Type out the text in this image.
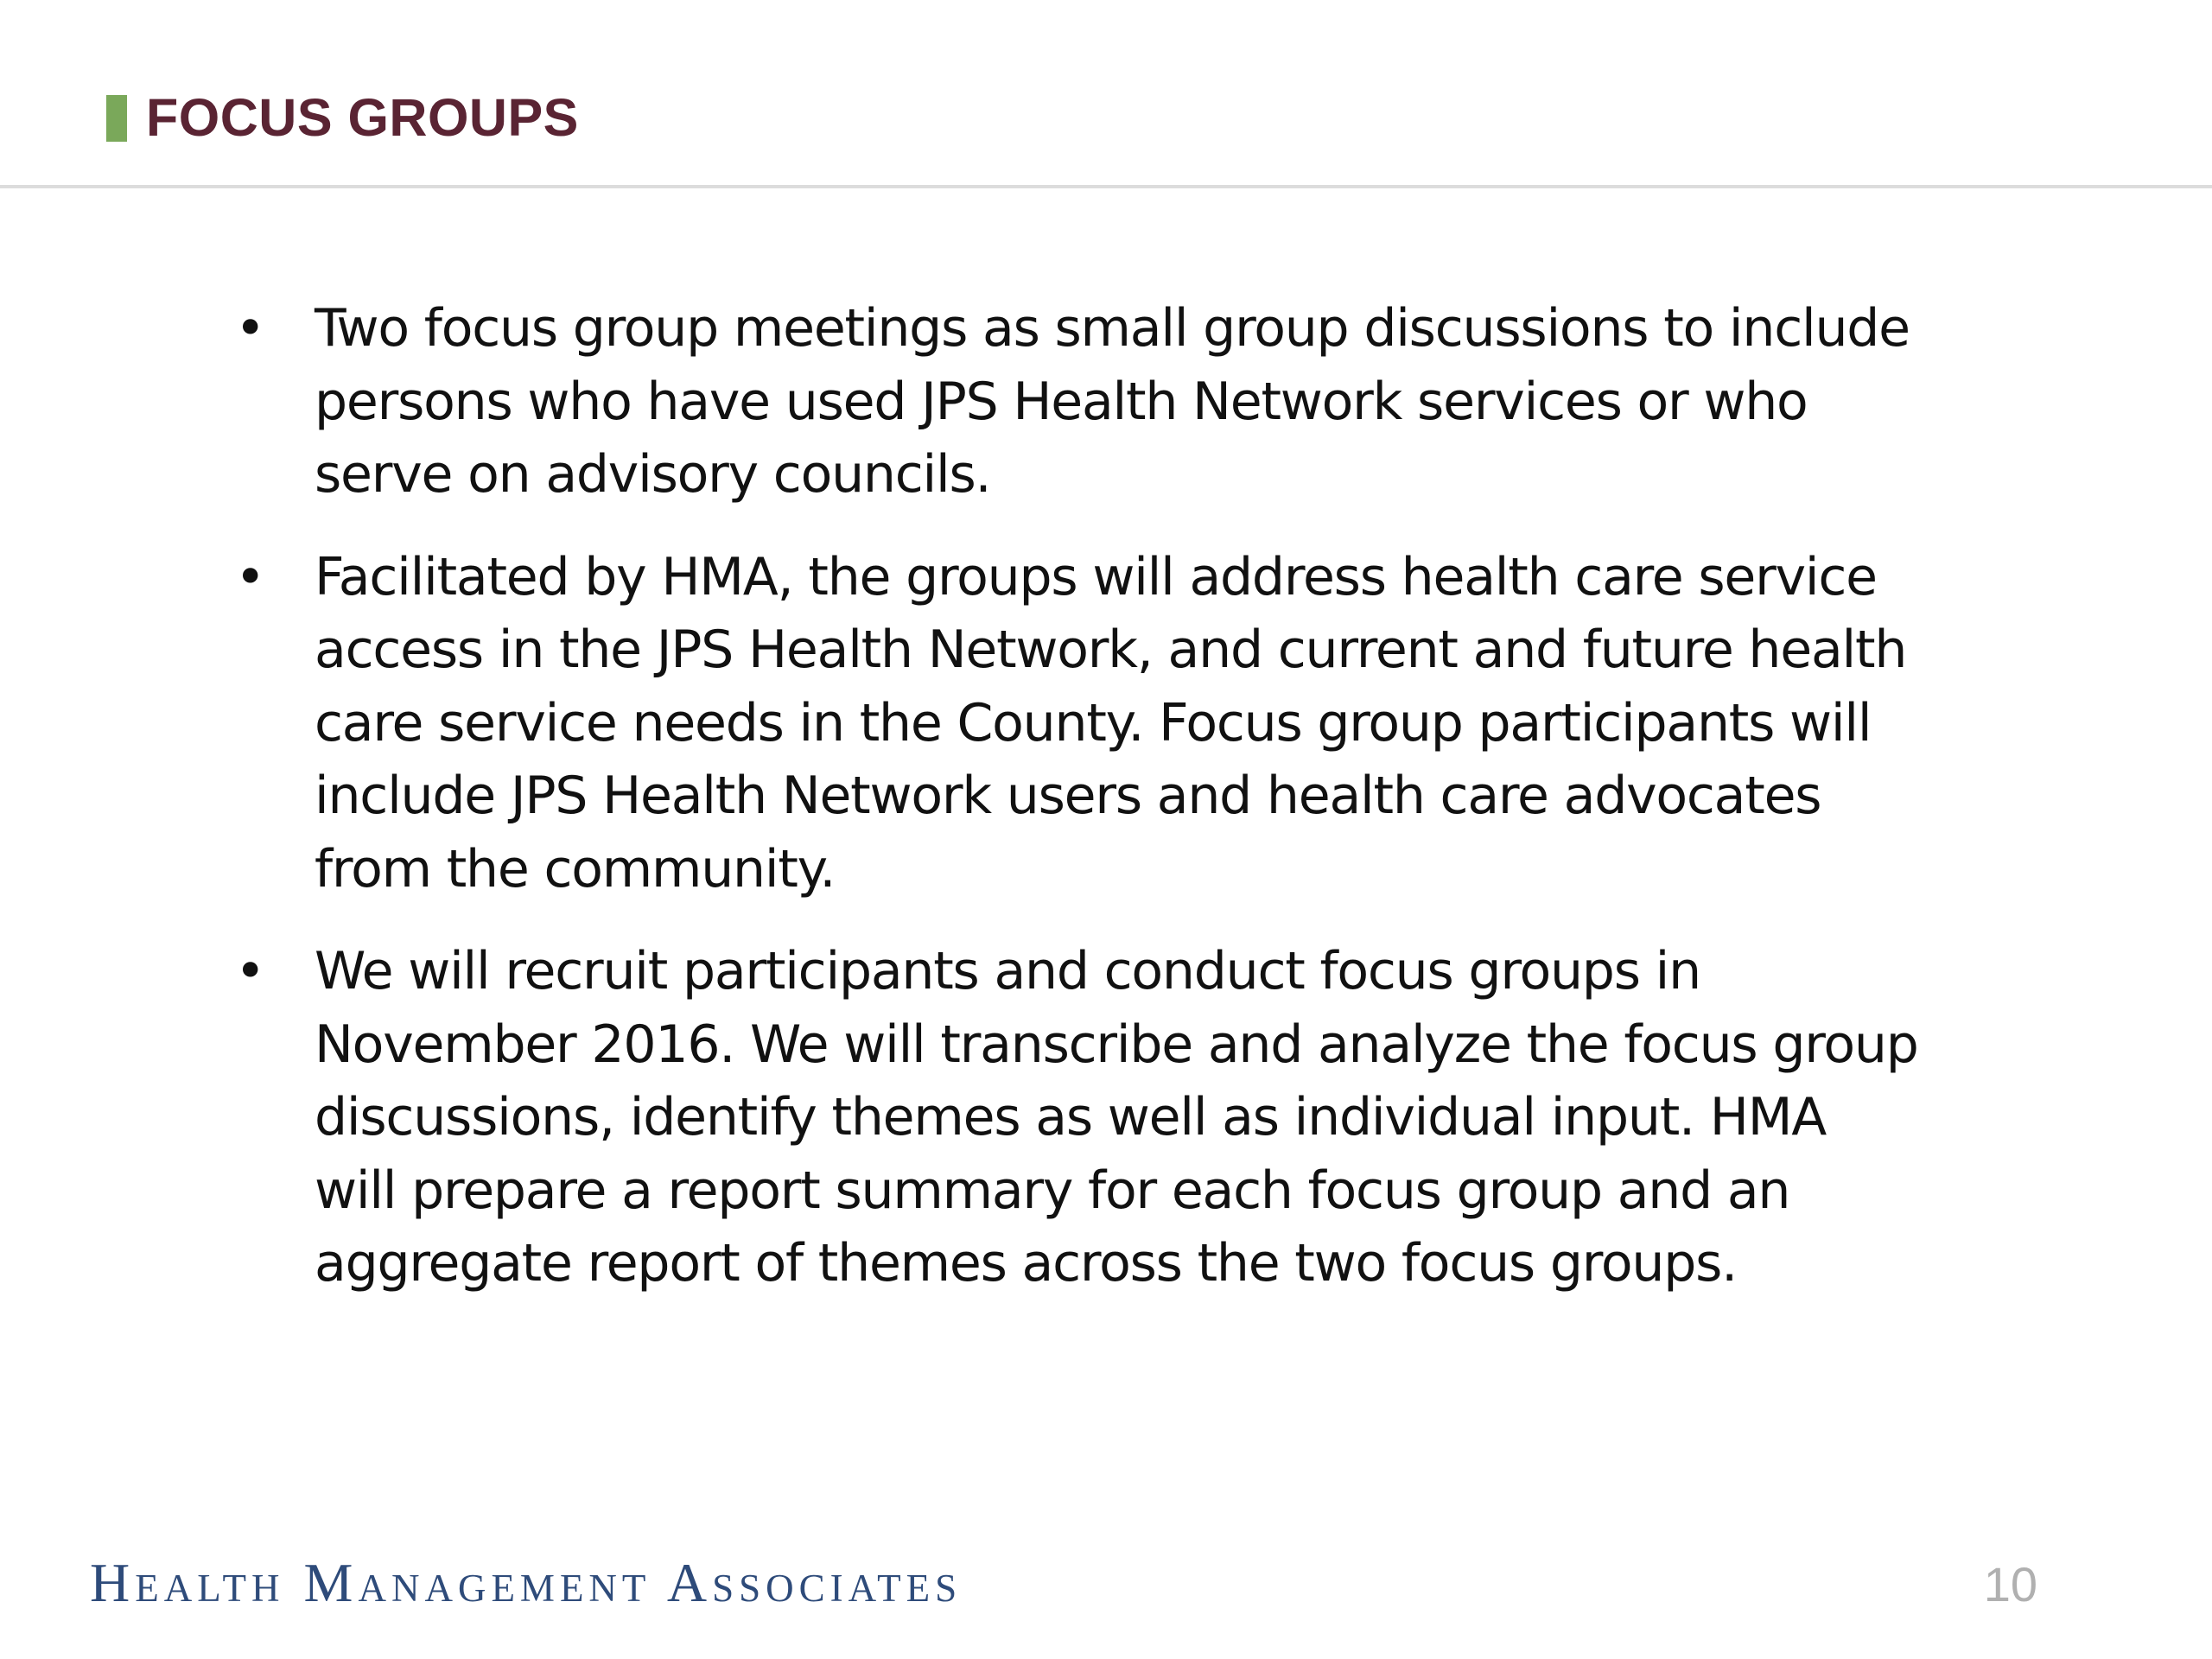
FOCUS GROUPS
• Two focus group meetings as small group discussions to include persons who have used JPS Health Network services or who serve on advisory councils.
• Facilitated by HMA, the groups will address health care service access in the JPS Health Network, and current and future health care service needs in the County. Focus group participants will include JPS Health Network users and health care advocates from the community.
• We will recruit participants and conduct focus groups in November 2016. We will transcribe and analyze the focus group discussions, identify themes as well as individual input. HMA will prepare a report summary for each focus group and an aggregate report of themes across the two focus groups.
Health Management Associates	10
